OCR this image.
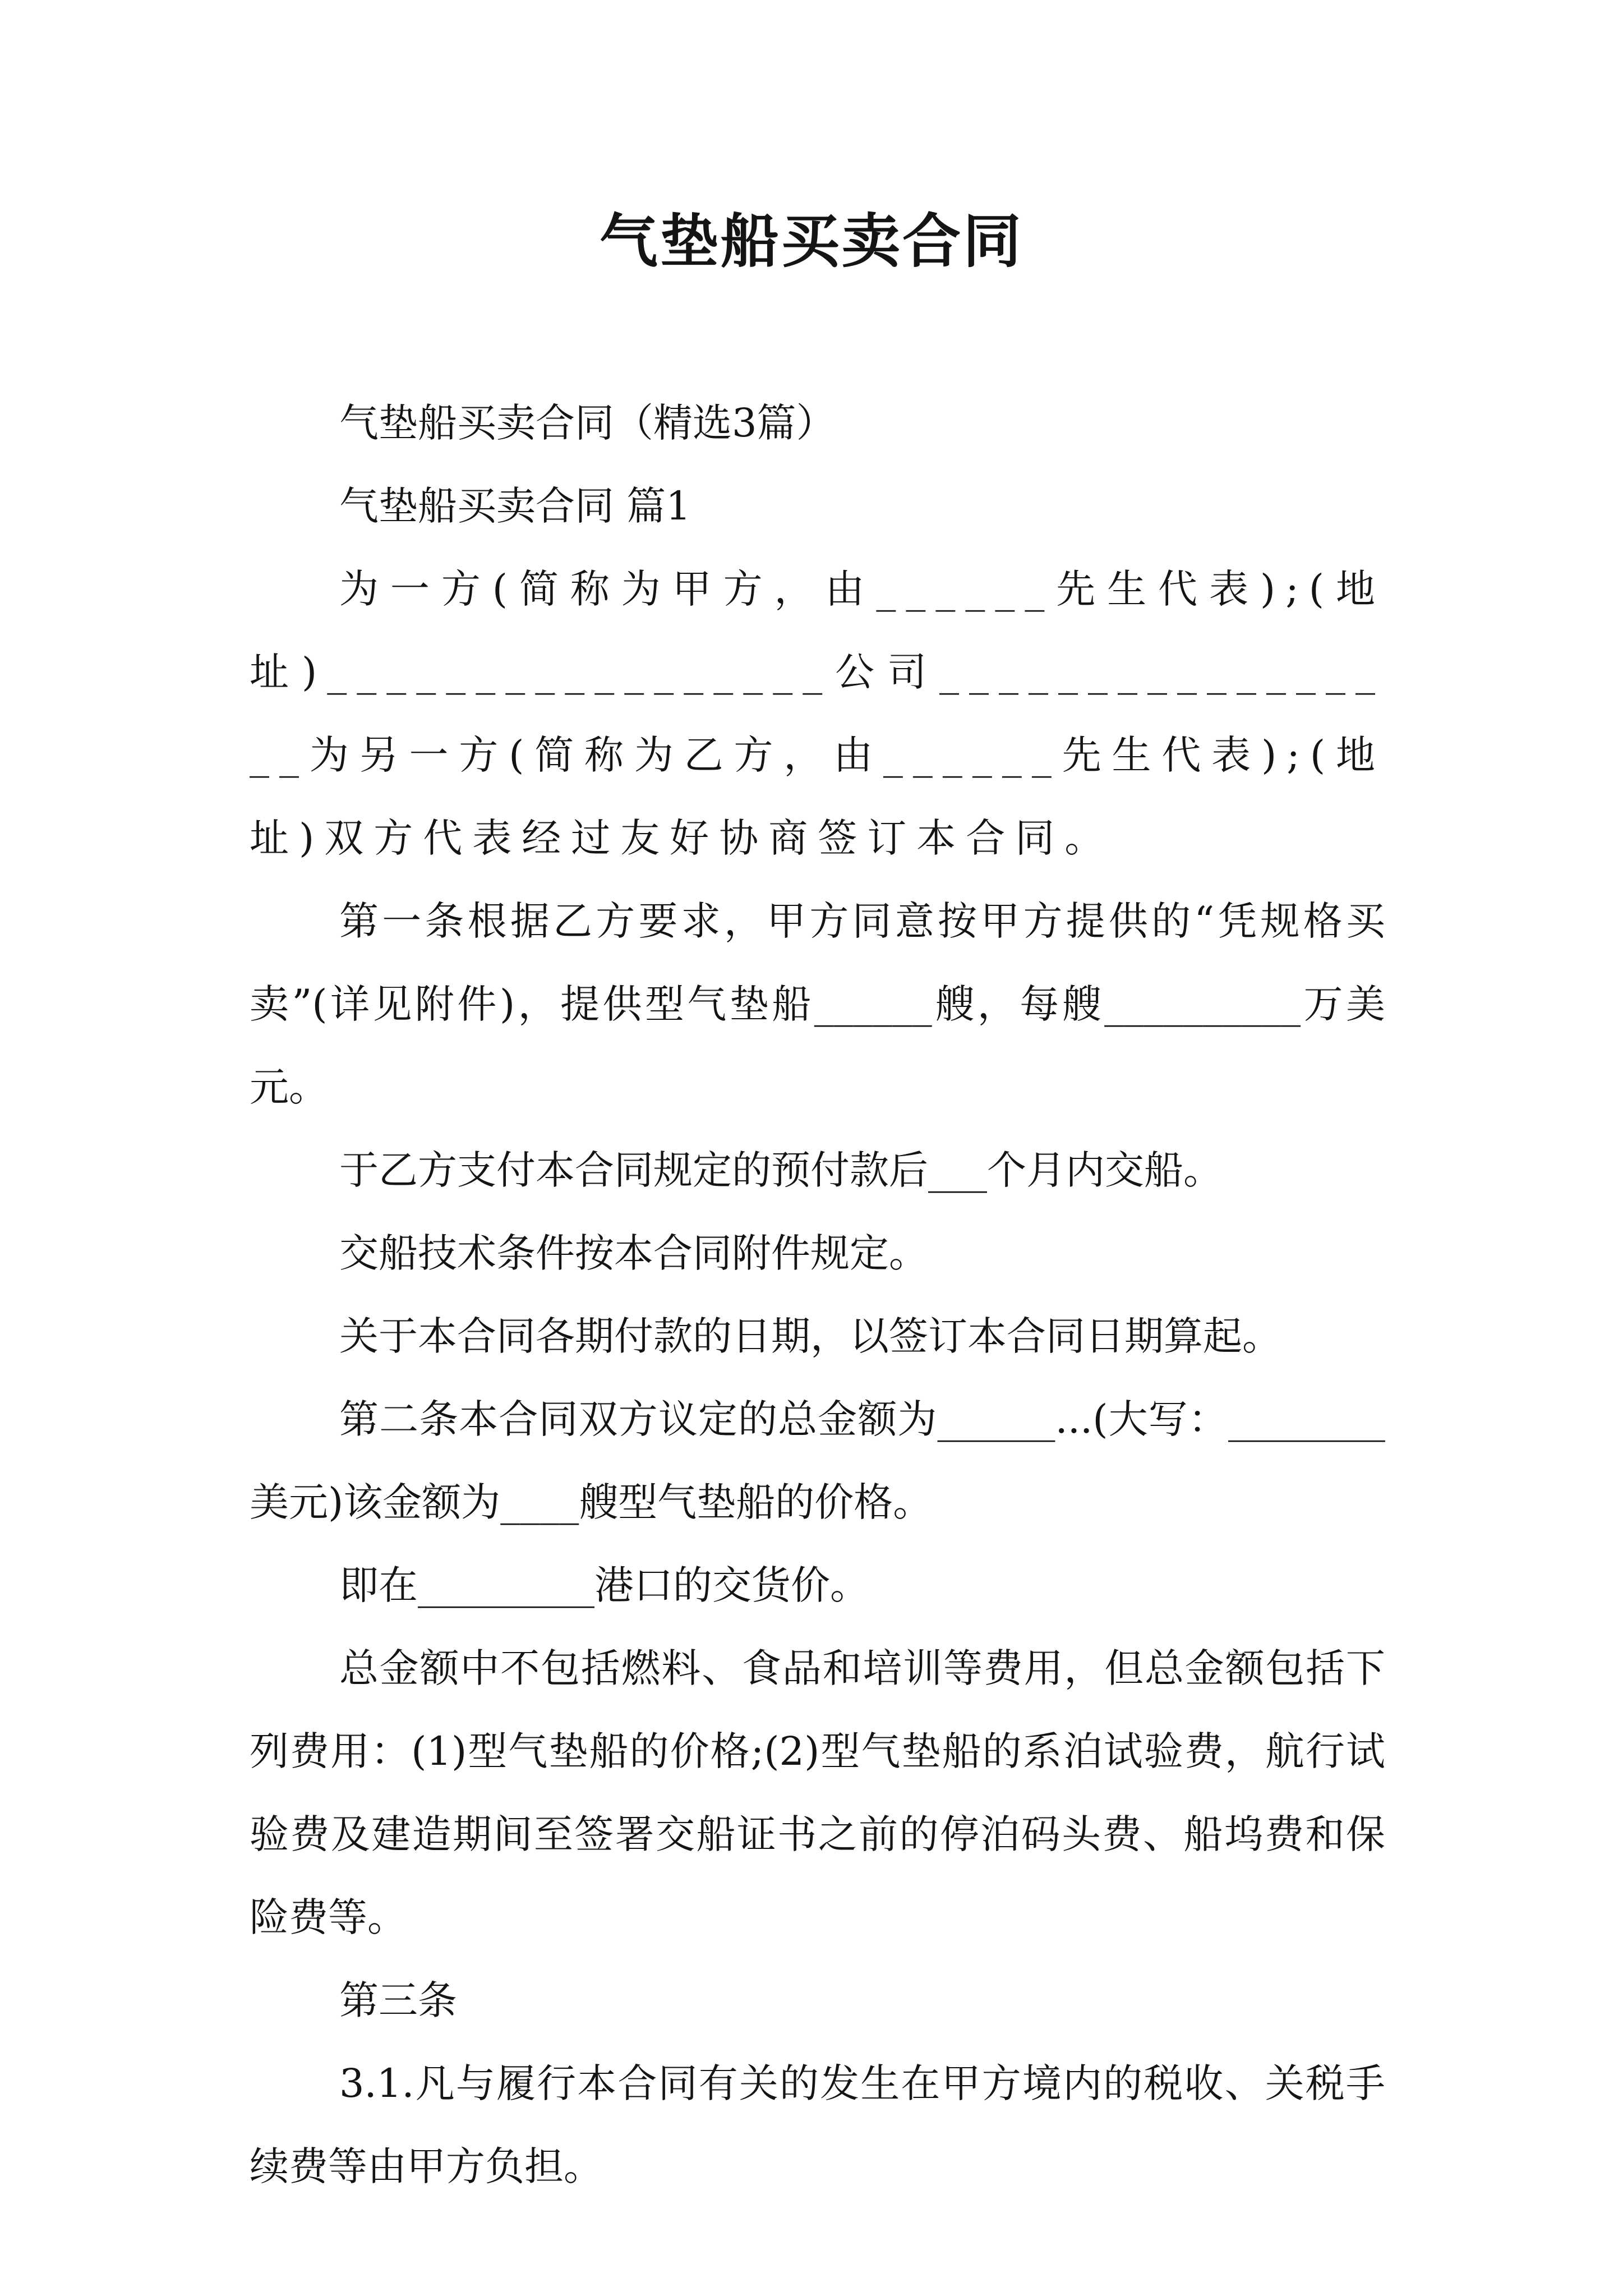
气垫船买卖合同

气垫船买卖合同（精选3篇）

气垫船买卖合同 篇1

为一方(简称为甲方，由______先生代表);(地址)_________________公司_________________为另一方(简称为乙方，由______先生代表);(地址)双方代表经过友好协商签订本合同。

第一条根据乙方要求，甲方同意按甲方提供的“凭规格买卖”(详见附件)，提供型气垫船______艘，每艘__________万美元。

于乙方支付本合同规定的预付款后___个月内交船。

交船技术条件按本合同附件规定。

关于本合同各期付款的日期，以签订本合同日期算起。

第二条本合同双方议定的总金额为______...(大写：________美元)该金额为____艘型气垫船的价格。

即在_________港口的交货价。

总金额中不包括燃料、食品和培训等费用，但总金额包括下列费用：(1)型气垫船的价格;(2)型气垫船的系泊试验费，航行试验费及建造期间至签署交船证书之前的停泊码头费、船坞费和保险费等。

第三条

3.1.凡与履行本合同有关的发生在甲方境内的税收、关税手续费等由甲方负担。
